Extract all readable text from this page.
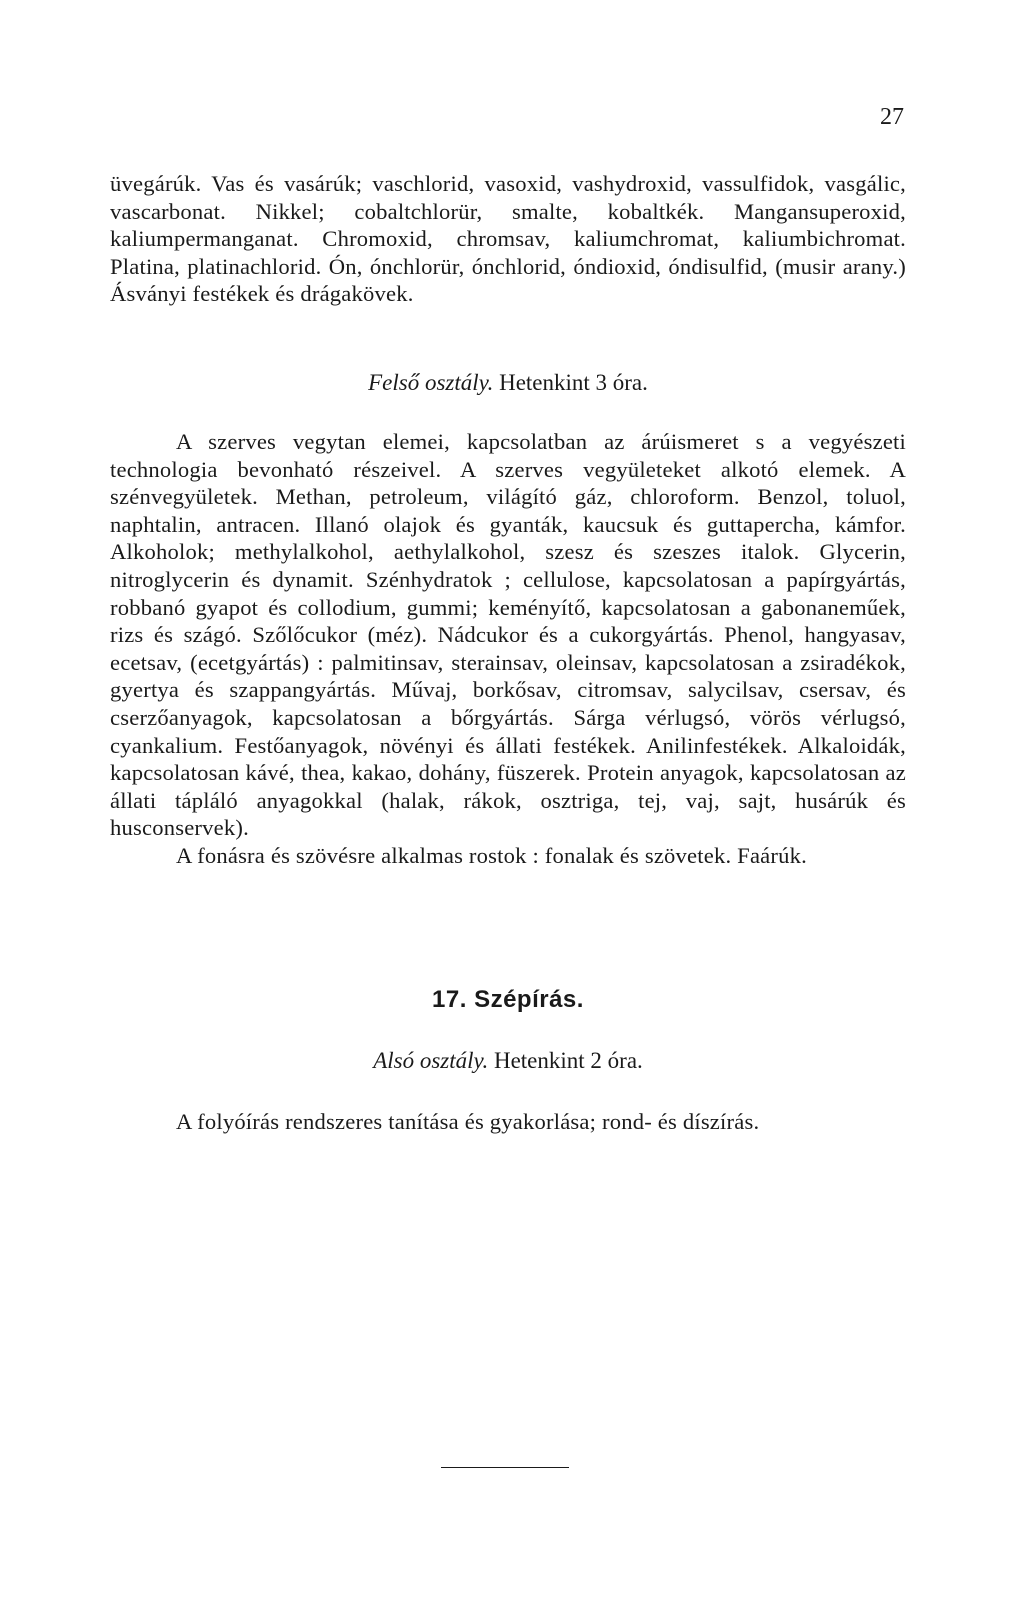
27

üvegárúk. Vas és vasárúk; vaschlorid, vasoxid, vashydroxid, vassulfidok, vasgálic, vascarbonat. Nikkel; cobaltchlorür, smalte, kobaltkék. Mangansuperoxid, kaliumpermanganat. Chromoxid, chromsav, kaliumchromat, kaliumbichromat. Platina, platinachlorid. Ón, ónchlorür, ónchlorid, óndioxid, óndisulfid, (musir arany.) Ásványi festékek és drágakövek.

Felső osztály. Hetenkint 3 óra.

A szerves vegytan elemei, kapcsolatban az árúismeret s a vegyészeti technologia bevonható részeivel. A szerves vegyületeket alkotó elemek. A szénvegyületek. Methan, petroleum, világító gáz, chloroform. Benzol, toluol, naphtalin, antracen. Illanó olajok és gyanták, kaucsuk és guttapercha, kámfor. Alkoholok; methylalkohol, aethylalkohol, szesz és szeszes italok. Glycerin, nitroglycerin és dynamit. Szénhydratok ; cellulose, kapcsolatosan a papírgyártás, robbanó gyapot és collodium, gummi; keményítő, kapcsolatosan a gabonaneműek, rizs és szágó. Szőlőcukor (méz). Nádcukor és a cukorgyártás. Phenol, hangyasav, ecetsav, (ecetgyártás) : palmitinsav, sterainsav, oleinsav, kapcsolatosan a zsiradékok, gyertya és szappangyártás. Művaj, borkősav, citromsav, salycilsav, csersav, és cserzőanyagok, kapcsolatosan a bőrgyártás. Sárga vérlugsó, vörös vérlugsó, cyankalium. Festőanyagok, növényi és állati festékek. Anilinfestékek. Alkaloidák, kapcsolatosan kávé, thea, kakao, dohány, füszerek. Protein anyagok, kapcsolatosan az állati tápláló anyagokkal (halak, rákok, osztriga, tej, vaj, sajt, husárúk és husconservek).

A fonásra és szövésre alkalmas rostok : fonalak és szövetek. Faárúk.

17. Szépírás.
Alsó osztály. Hetenkint 2 óra.

A folyóírás rendszeres tanítása és gyakorlása; rond- és díszírás.
